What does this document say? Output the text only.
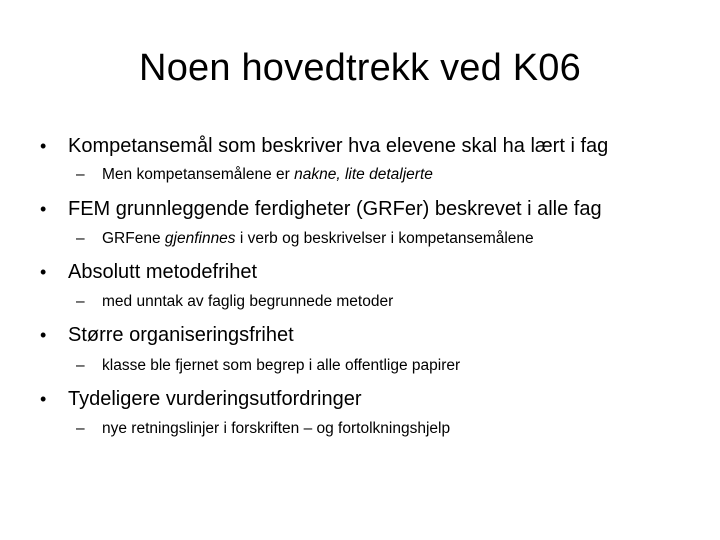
Noen hovedtrekk ved K06
• Kompetansemål som beskriver hva elevene skal ha lært i fag
– Men kompetansemålene er nakne, lite detaljerte
• FEM grunnleggende ferdigheter (GRFer) beskrevet i alle fag
– GRFene gjenfinnes i verb og beskrivelser i kompetansemålene
• Absolutt metodefrihet
– med unntak av faglig begrunnede metoder
• Større organiseringsfrihet
– klasse ble fjernet som begrep i alle offentlige papirer
• Tydeligere vurderingsutfordringer
– nye retningslinjer i forskriften – og fortolkningshjelp
